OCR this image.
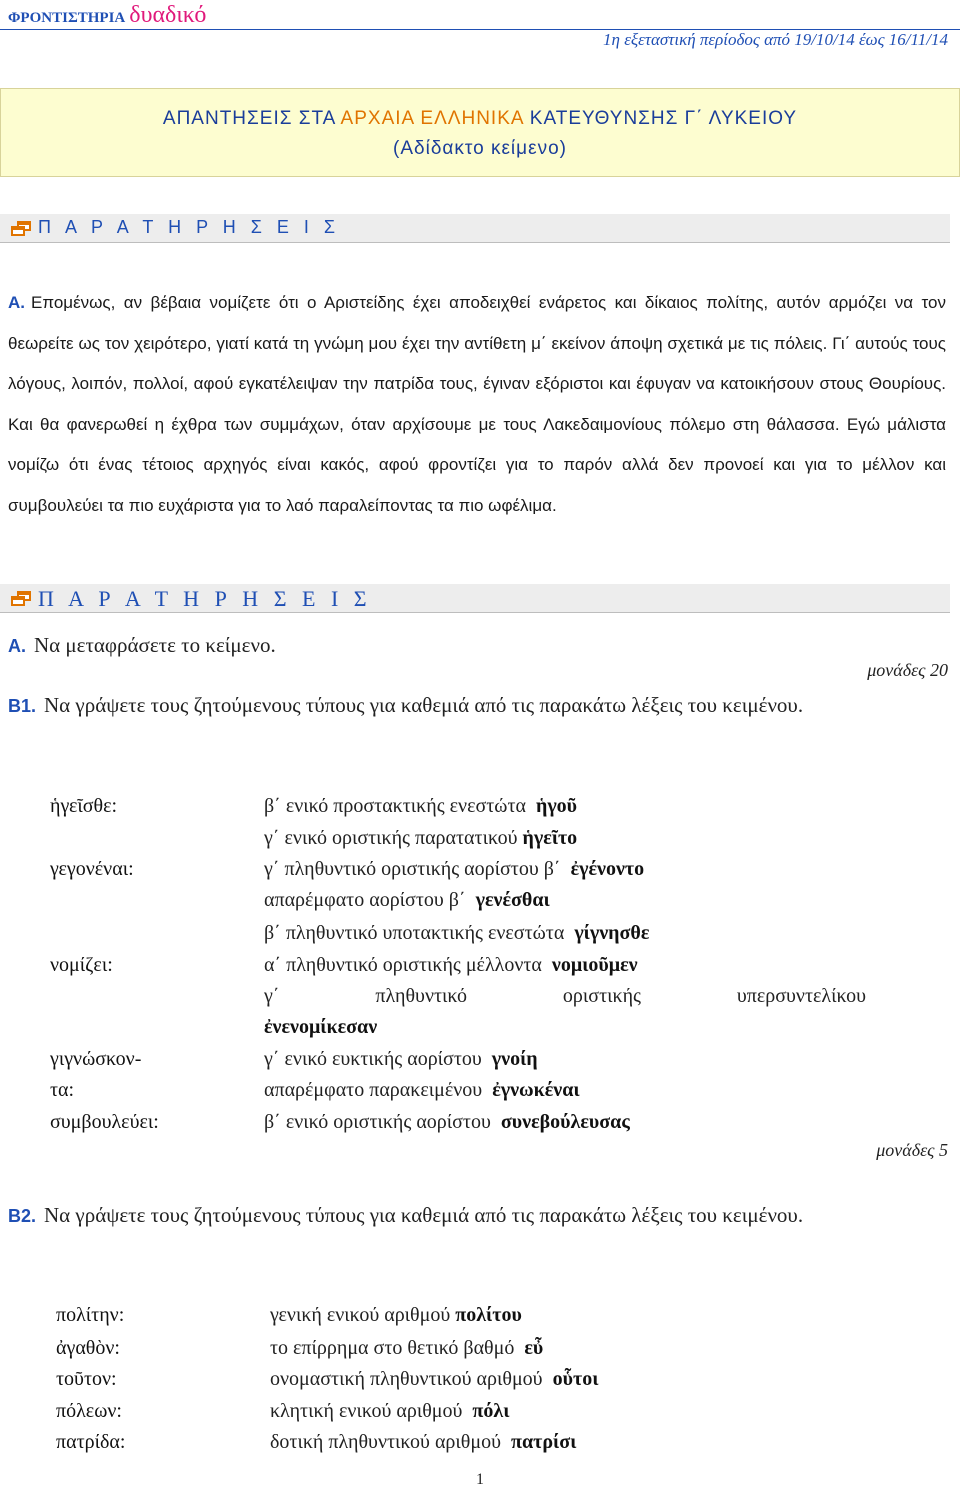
ΦΡΟΝΤΙΣΤΗΡΙΑ δυαδικό
1η εξεταστική περίοδος από 19/10/14 έως 16/11/14
ΑΠΑΝΤΗΣΕΙΣ ΣΤΑ ΑΡΧΑΙΑ ΕΛΛΗΝΙΚΑ ΚΑΤΕΥΘΥΝΣΗΣ Γ΄ ΛΥΚΕΙΟΥ
(Αδίδακτο κείμενο)
Π Α Ρ Α Τ Η Ρ Η Σ Ε Ι Σ
Α. Επομένως, αν βέβαια νομίζετε ότι ο Αριστείδης έχει αποδειχθεί ενάρετος και δίκαιος πολίτης, αυτόν αρμόζει να τον θεωρείτε ως τον χειρότερο, γιατί κατά τη γνώμη μου έχει την αντίθετη μ΄ εκείνον άποψη σχετικά με τις πόλεις. Γι΄ αυτούς τους λόγους, λοιπόν, πολλοί, αφού εγκατέλειψαν την πατρίδα τους, έγιναν εξόριστοι και έφυγαν να κατοικήσουν στους Θουρίους. Και θα φανερωθεί η έχθρα των συμμάχων, όταν αρχίσουμε με τους Λακεδαιμονίους πόλεμο στη θάλασσα. Εγώ μάλιστα νομίζω ότι ένας τέτοιος αρχηγός είναι κακός, αφού φροντίζει για το παρόν αλλά δεν προνοεί και για το μέλλον και συμβουλεύει τα πιο ευχάριστα για το λαό παραλείποντας τα πιο ωφέλιμα.
Π Α Ρ Α Τ Η Ρ Η Σ Ε Ι Σ
Α. Να μεταφράσετε το κείμενο.
μονάδες 20
Β1. Να γράψετε τους ζητούμενους τύπους για καθεμιά από τις παρακάτω λέξεις του κειμένου.
ἡγεῖσθε:	β΄ ενικό προστακτικής ενεστώτα ἡγοῦ
γ΄ ενικό οριστικής παρατατικού ἡγεῖτο
γεγονέναι:	γ΄ πληθυντικό οριστικής αορίστου β΄ ἐγένοντο
απαρέμφατο αορίστου β΄ γενέσθαι
β΄ πληθυντικό υποτακτικής ενεστώτα γίγνησθε
νομίζει:	α΄ πληθυντικό οριστικής μέλλοντα νομιοῦμεν
γ΄ πληθυντικό οριστικής υπερσυντελίκου
ἐνενομίκεσαν
γιγνώσκον-	γ΄ ενικό ευκτικής αορίστου γνοίη
τα:	απαρέμφατο παρακειμένου ἐγνωκέναι
συμβουλεύει:	β΄ ενικό οριστικής αορίστου συνεβούλευσας
μονάδες 5
Β2. Να γράψετε τους ζητούμενους τύπους για καθεμιά από τις παρακάτω λέξεις του κειμένου.
πολίτην:	γενική ενικού αριθμού πολίτου
ἀγαθὸν:	το επίρρημα στο θετικό βαθμό εὖ
τοῦτον:	ονομαστική πληθυντικού αριθμού οὗτοι
πόλεων:	κλητική ενικού αριθμού πόλι
πατρίδα:	δοτική πληθυντικού αριθμού πατρίσι
1
